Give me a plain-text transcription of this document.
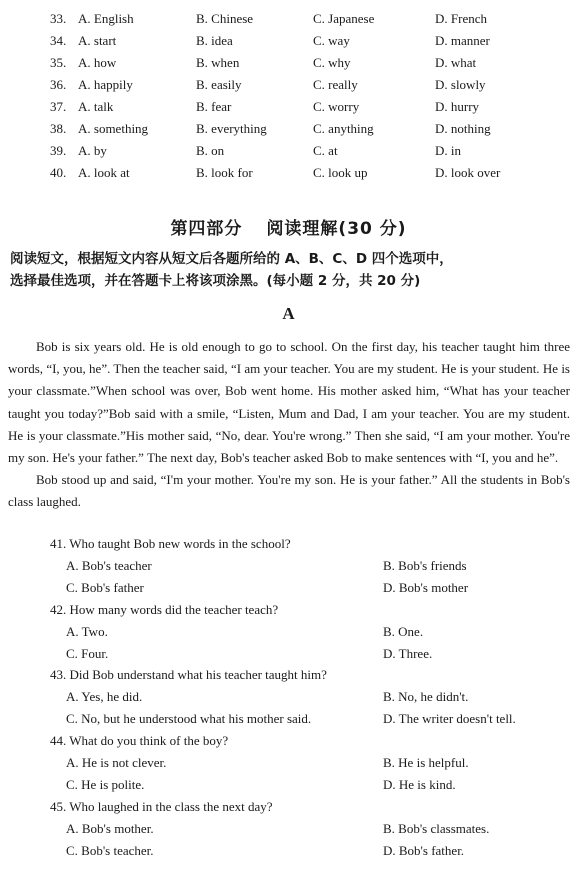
33. A. English	B. Chinese	C. Japanese	D. French
34. A. start	B. idea	C. way	D. manner
35. A. how	B. when	C. why	D. what
36. A. happily	B. easily	C. really	D. slowly
37. A. talk	B. fear	C. worry	D. hurry
38. A. something	B. everything	C. anything	D. nothing
39. A. by	B. on	C. at	D. in
40. A. look at	B. look for	C. look up	D. look over
第四部分 阅读理解(30 分)
阅读短文，根据短文内容从短文后各题所给的 A、B、C、D 四个选项中，
选择最佳选项，并在答题卡上将该项涂黑。(每小题 2 分，共 20 分)
A

Bob is six years old. He is old enough to go to school. On the first day, his teacher taught him three words, “I, you, he”. Then the teacher said, “I am your teacher. You are my student. He is your student. He is your classmate.”When school was over, Bob went home. His mother asked him, “What has your teacher taught you today?”Bob said with a smile, “Listen, Mum and Dad, I am your teacher. You are my student. He is your classmate.”His mother said, “No, dear. You're wrong.” Then she said, “I am your mother. You're my son. He's your father.” The next day, Bob's teacher asked Bob to make sentences with “I, you and he”.

Bob stood up and said, “I'm your mother. You're my son. He is your father.” All the students in Bob's class laughed.

41. Who taught Bob new words in the school?
A. Bob's teacher	B. Bob's friends
C. Bob's father	D. Bob's mother
42. How many words did the teacher teach?
A. Two.	B. One.
C. Four.	D. Three.
43. Did Bob understand what his teacher taught him?
A. Yes, he did.	B. No, he didn't.
C. No, but he understood what his mother said.	D. The writer doesn't tell.
44. What do you think of the boy?
A. He is not clever.	B. He is helpful.
C. He is polite.	D. He is kind.
45. Who laughed in the class the next day?
A. Bob's mother.	B. Bob's classmates.
C. Bob's teacher.	D. Bob's father.
